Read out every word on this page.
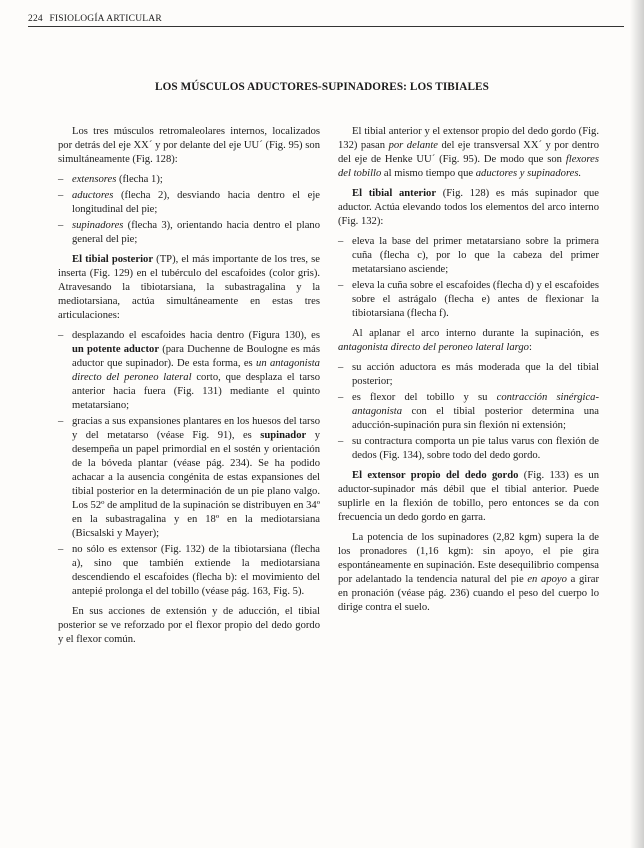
224 FISIOLOGÍA ARTICULAR
LOS MÚSCULOS ADUCTORES-SUPINADORES: LOS TIBIALES

Los tres músculos retromaleolares internos, localizados por detrás del eje XX´ y por delante del eje UU´ (Fig. 95) son simultáneamente (Fig. 128):

– extensores (flecha 1);
– aductores (flecha 2), desviando hacia dentro el eje longitudinal del pie;
– supinadores (flecha 3), orientando hacia dentro el plano general del pie;

El tibial posterior (TP), el más importante de los tres, se inserta (Fig. 129) en el tubérculo del escafoides (color gris). Atravesando la tibiotarsiana, la subastragalina y la mediotarsiana, actúa simultáneamente en estas tres articulaciones:

– desplazando el escafoides hacia dentro (Figura 130), es un potente aductor (para Duchenne de Boulogne es más aductor que supinador). De esta forma, es un antagonista directo del peroneo lateral corto, que desplaza el tarso anterior hacia fuera (Fig. 131) mediante el quinto metatarsiano;
– gracias a sus expansiones plantares en los huesos del tarso y del metatarso (véase Fig. 91), es supinador y desempeña un papel primordial en el sostén y orientación de la bóveda plantar (véase pág. 234). Se ha podido achacar a la ausencia congénita de estas expansiones del tibial posterior en la determinación de un pie plano valgo. Los 52º de amplitud de la supinación se distribuyen en 34º en la subastragalina y en 18º en la mediotarsiana (Bicsalski y Mayer);
– no sólo es extensor (Fig. 132) de la tibiotarsiana (flecha a), sino que también extiende la mediotarsiana descendiendo el escafoides (flecha b): el movimiento del antepié prolonga el del tobillo (véase pág. 163, Fig. 5).

En sus acciones de extensión y de aducción, el tibial posterior se ve reforzado por el flexor propio del dedo gordo y el flexor común.

El tibial anterior y el extensor propio del dedo gordo (Fig. 132) pasan por delante del eje transversal XX´ y por dentro del eje de Henke UU´ (Fig. 95). De modo que son flexores del tobillo al mismo tiempo que aductores y supinadores.

El tibial anterior (Fig. 128) es más supinador que aductor. Actúa elevando todos los elementos del arco interno (Fig. 132):

– eleva la base del primer metatarsiano sobre la primera cuña (flecha c), por lo que la cabeza del primer metatarsiano asciende;
– eleva la cuña sobre el escafoides (flecha d) y el escafoides sobre el astrágalo (flecha e) antes de flexionar la tibiotarsiana (flecha f).

Al aplanar el arco interno durante la supinación, es antagonista directo del peroneo lateral largo:

– su acción aductora es más moderada que la del tibial posterior;
– es flexor del tobillo y su contracción sinérgica-antagonista con el tibial posterior determina una aducción-supinación pura sin flexión ni extensión;
– su contractura comporta un pie talus varus con flexión de dedos (Fig. 134), sobre todo del dedo gordo.

El extensor propio del dedo gordo (Fig. 133) es un aductor-supinador más débil que el tibial anterior. Puede suplirle en la flexión de tobillo, pero entonces se da con frecuencia un dedo gordo en garra.

La potencia de los supinadores (2,82 kgm) supera la de los pronadores (1,16 kgm): sin apoyo, el pie gira espontáneamente en supinación. Este desequilibrio compensa por adelantado la tendencia natural del pie en apoyo a girar en pronación (véase pág. 236) cuando el peso del cuerpo lo dirige contra el suelo.
